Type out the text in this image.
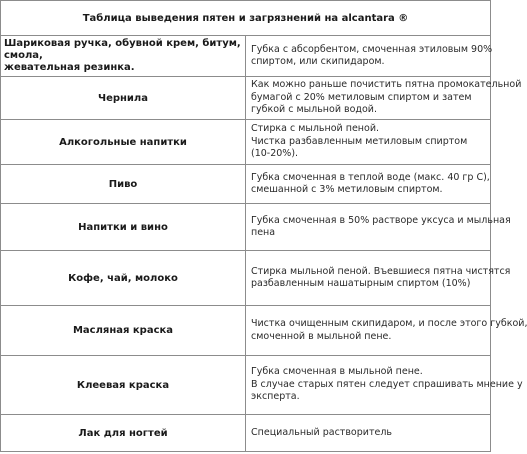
Таблица выведения пятен и загрязнений на alcantara ®	

Шариковая ручка, обувной крем, битум,
смола,
жевательная резинка.	Губка с абсорбентом, смоченная этиловым 90%
спиртом, или скипидаром.

Чернила	Как можно раньше почистить пятна промокательной
бумагой с 20% метиловым спиртом и затем
губкой с мыльной водой.

Алкогольные напитки	Стирка с мыльной пеной.
Чистка разбавленным метиловым спиртом
(10-20%).

Пиво	Губка смоченная в теплой воде (макс. 40 гр С),
смешанной с 3% метиловым спиртом.

Напитки и вино	Губка смоченная в 50% растворе уксуса и мыльная
пена

Кофе, чай, молоко	Стирка мыльной пеной. Въевшиеся пятна чистятся
разбавленным нашатырным спиртом (10%)

Масляная краска	Чистка очищенным скипидаром, и после этого губкой,
смоченной в мыльной пене.

Клеевая краска	Губка смоченная в мыльной пене.
В случае старых пятен следует спрашивать мнение у
эксперта.

Лак для ногтей	Специальный растворитель
